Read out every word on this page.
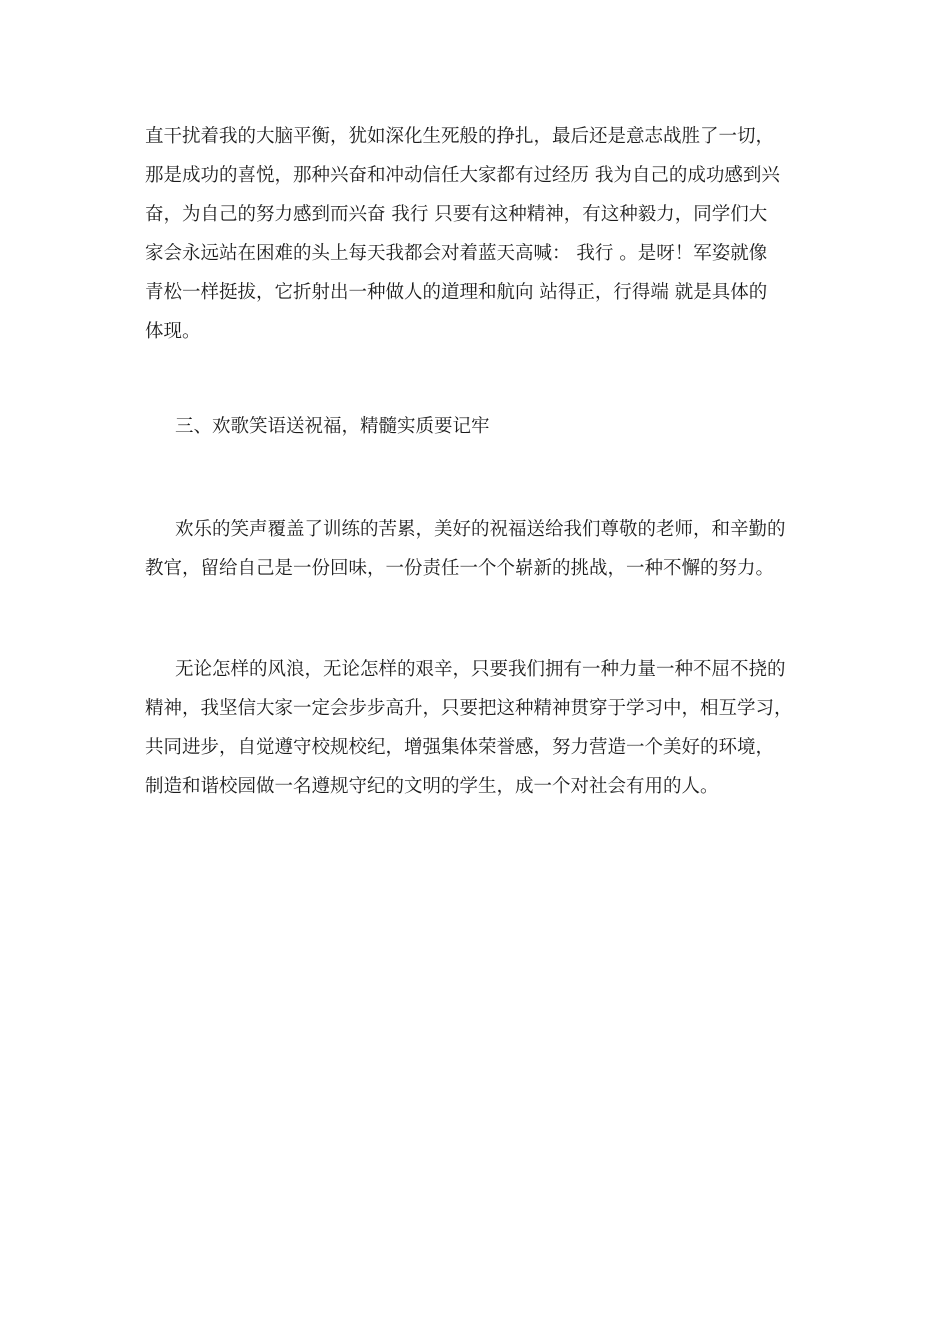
直干扰着我的大脑平衡，犹如深化生死般的挣扎，最后还是意志战胜了一切，
那是成功的喜悦，那种兴奋和冲动信任大家都有过经历 我为自己的成功感到兴
奋，为自己的努力感到而兴奋 我行 只要有这种精神，有这种毅力，同学们大
家会永远站在困难的头上每天我都会对着蓝天高喊： 我行 。是呀！军姿就像
青松一样挺拔，它折射出一种做人的道理和航向 站得正，行得端 就是具体的
体现。
三、欢歌笑语送祝福，精髓实质要记牢
欢乐的笑声覆盖了训练的苦累，美好的祝福送给我们尊敬的老师，和辛勤的
教官，留给自己是一份回味，一份责任一个个崭新的挑战，一种不懈的努力。
无论怎样的风浪，无论怎样的艰辛，只要我们拥有一种力量一种不屈不挠的
精神，我坚信大家一定会步步高升，只要把这种精神贯穿于学习中，相互学习，
共同进步，自觉遵守校规校纪，增强集体荣誉感，努力营造一个美好的环境，
制造和谐校园做一名遵规守纪的文明的学生，成一个对社会有用的人。
